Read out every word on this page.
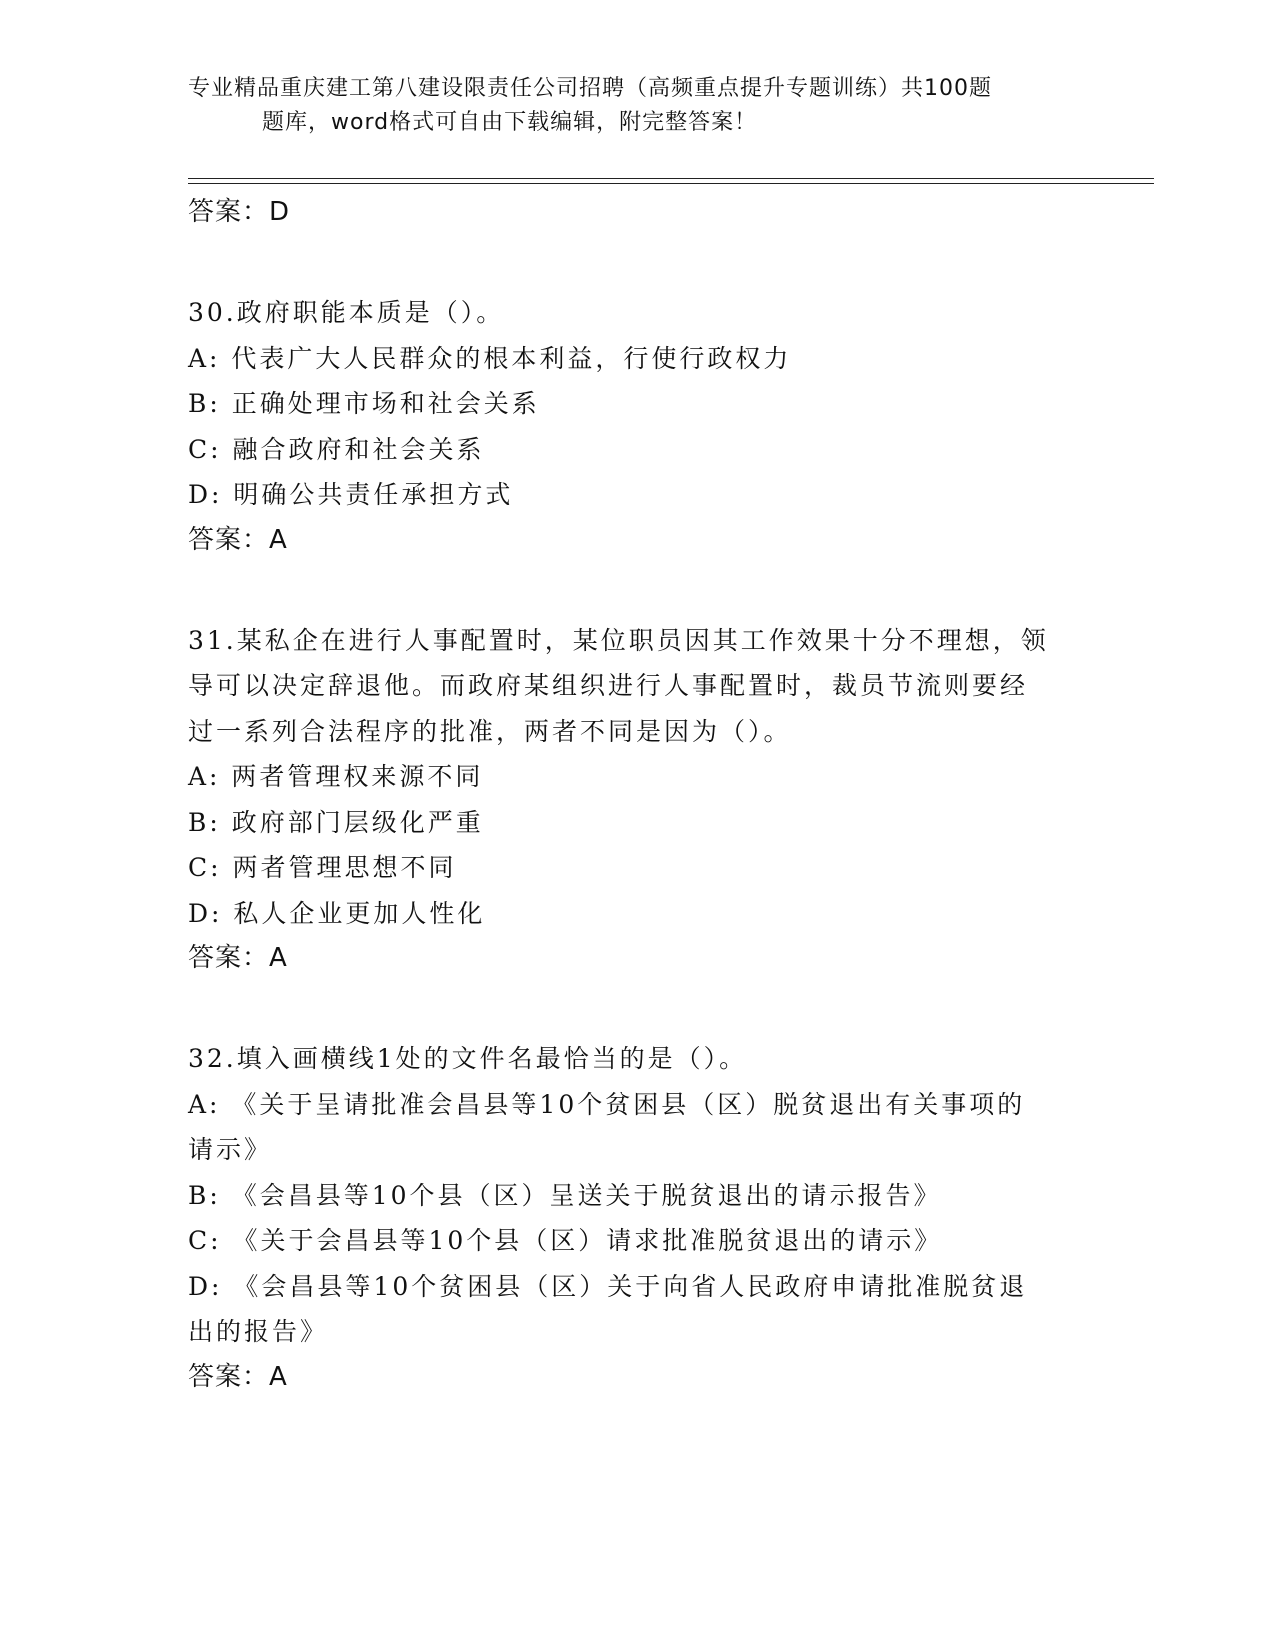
专业精品重庆建工第八建设限责任公司招聘（高频重点提升专题训练）共100题
题库，word格式可自由下载编辑，附完整答案！
答案：D
30.政府职能本质是（）。
A: 代表广大人民群众的根本利益，行使行政权力
B: 正确处理市场和社会关系
C: 融合政府和社会关系
D: 明确公共责任承担方式
答案：A
31.某私企在进行人事配置时，某位职员因其工作效果十分不理想，领
导可以决定辞退他。而政府某组织进行人事配置时，裁员节流则要经
过一系列合法程序的批准，两者不同是因为（）。
A: 两者管理权来源不同
B: 政府部门层级化严重
C: 两者管理思想不同
D: 私人企业更加人性化
答案：A
32.填入画横线1处的文件名最恰当的是（）。
A: 《关于呈请批准会昌县等10个贫困县（区）脱贫退出有关事项的
请示》
B: 《会昌县等10个县（区）呈送关于脱贫退出的请示报告》
C: 《关于会昌县等10个县（区）请求批准脱贫退出的请示》
D: 《会昌县等10个贫困县（区）关于向省人民政府申请批准脱贫退
出的报告》
答案：A
